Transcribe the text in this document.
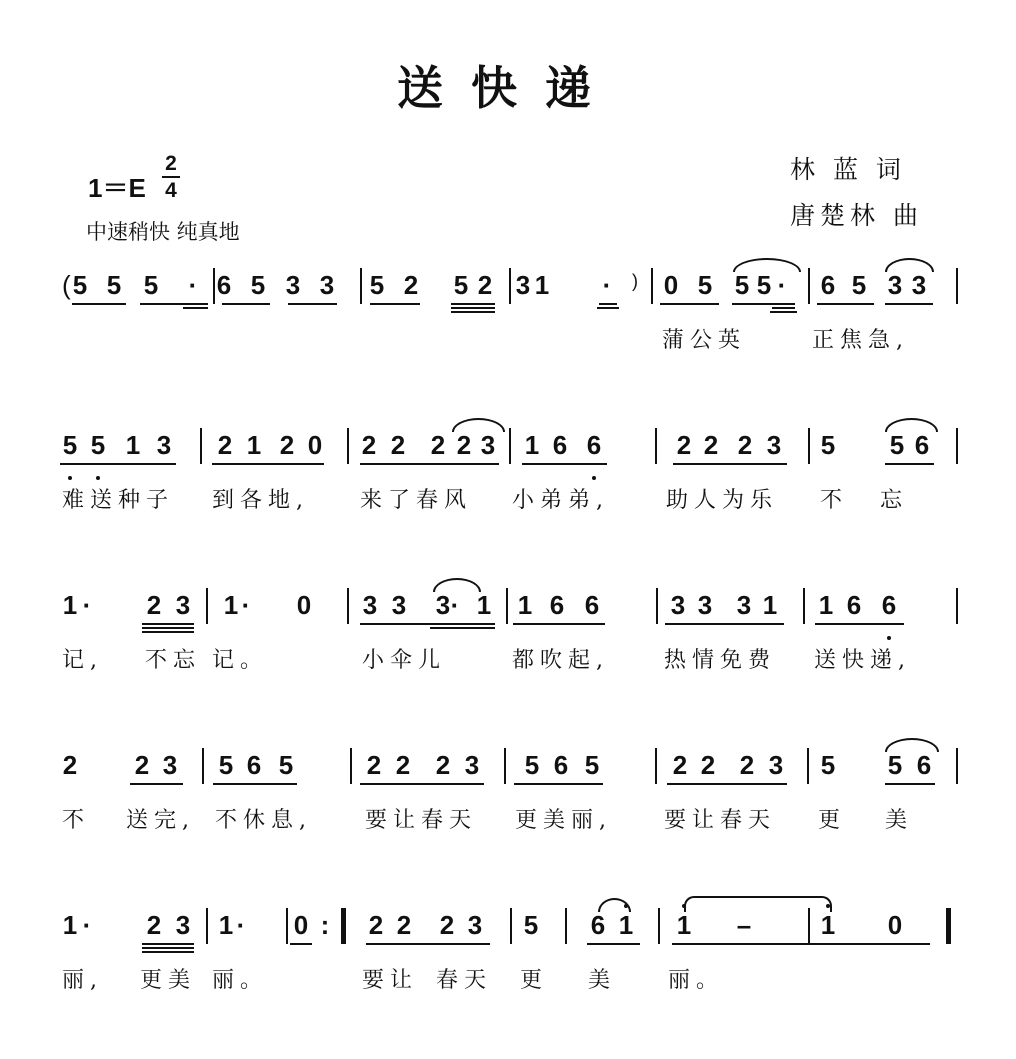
送快递
1＝E
2
4
中速稍快 纯真地
林 蓝 词
唐楚林 曲
5 5 5 · 6 5 3 3 5 2 5 2 3 1 · 0 5 5 5 · 6 5 3 3
(	)
蒲公英	正焦急,
5 5 1 3 2 1 2 0 2 2 2 2 3 1 6 6	2 2 2 3 5 5 6
难送种子 到各地, 来了春风 小弟弟,	助人为乐 不 忘
1 · 2 3 1 · 0 3 3 3 · 1 1 6 6	3 3 3 1 1 6 6
记, 不忘 记。	小伞儿	都吹起,	热情免费 送快递,
2 2 3 5 6 5	2 2 2 3 5 6 5	2 2 2 3 5 5 6
不 送完, 不休息, 要让春天 更美丽, 要让春天 更 美
1 · 2 3 1 · 0 : 2 2 2 3 5 6 1 1 –	1 0
丽, 更美 丽。	要让 春天 更 美 丽。
